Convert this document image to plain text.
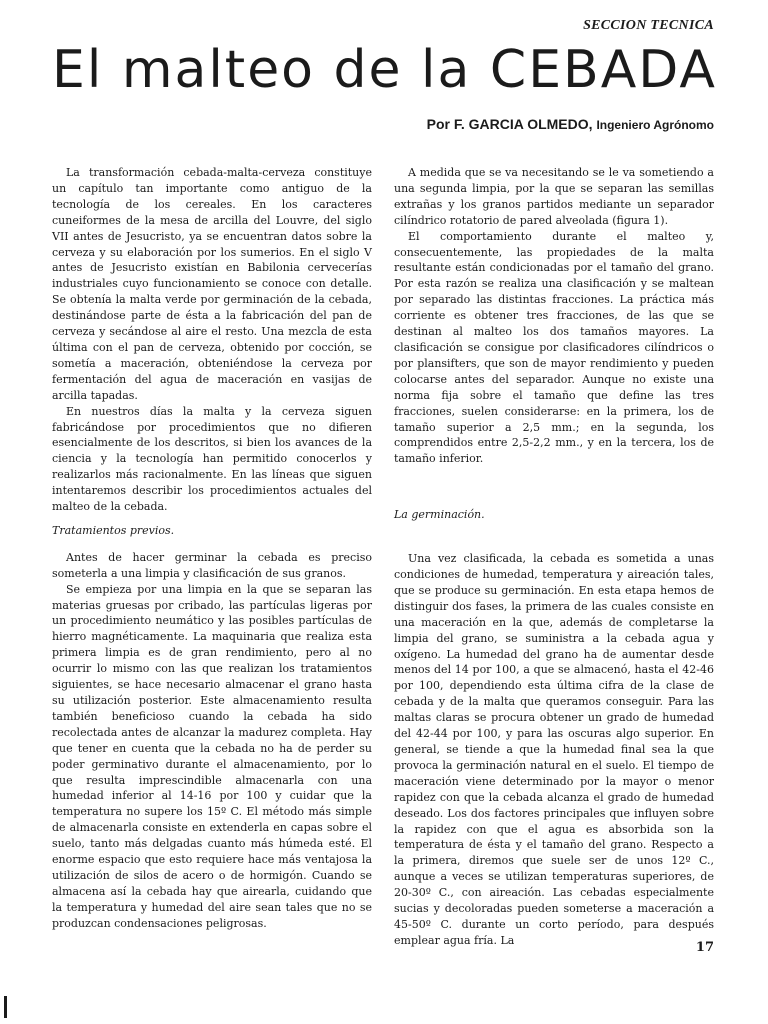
SECCION TECNICA
El malteo de la CEBADA
Por F. GARCIA OLMEDO, Ingeniero Agrónomo

La transformación cebada-malta-cerveza constituye un capítulo tan importante como antiguo de la tecnología de los cereales. En los caracteres cuneiformes de la mesa de arcilla del Louvre, del siglo VII antes de Jesucristo, ya se encuentran datos sobre la cerveza y su elaboración por los sumerios. En el siglo V antes de Jesucristo existían en Babilonia cervecerías industriales cuyo funcionamiento se conoce con detalle. Se obtenía la malta verde por germinación de la cebada, destinándose parte de ésta a la fabricación del pan de cerveza y secándose al aire el resto. Una mezcla de esta última con el pan de cerveza, obtenido por cocción, se sometía a maceración, obteniéndose la cerveza por fermentación del agua de maceración en vasijas de arcilla tapadas.

En nuestros días la malta y la cerveza siguen fabricándose por procedimientos que no difieren esencialmente de los descritos, si bien los avances de la ciencia y la tecnología han permitido conocerlos y realizarlos más racionalmente. En las líneas que siguen intentaremos describir los procedimientos actuales del malteo de la cebada.

Tratamientos previos.

Antes de hacer germinar la cebada es preciso someterla a una limpia y clasificación de sus granos.

Se empieza por una limpia en la que se separan las materias gruesas por cribado, las partículas ligeras por un procedimiento neumático y las posibles partículas de hierro magnéticamente. La maquinaria que realiza esta primera limpia es de gran rendimiento, pero al no ocurrir lo mismo con las que realizan los tratamientos siguientes, se hace necesario almacenar el grano hasta su utilización posterior. Este almacenamiento resulta también beneficioso cuando la cebada ha sido recolectada antes de alcanzar la madurez completa. Hay que tener en cuenta que la cebada no ha de perder su poder germinativo durante el almacenamiento, por lo que resulta imprescindible almacenarla con una humedad inferior al 14-16 por 100 y cuidar que la temperatura no supere los 15º C. El método más simple de almacenarla consiste en extenderla en capas sobre el suelo, tanto más delgadas cuanto más húmeda esté. El enorme espacio que esto requiere hace más ventajosa la utilización de silos de acero o de hormigón. Cuando se almacena así la cebada hay que airearla, cuidando que la temperatura y humedad del aire sean tales que no se produzcan condensaciones peligrosas.

A medida que se va necesitando se le va sometiendo a una segunda limpia, por la que se separan las semillas extrañas y los granos partidos mediante un separador cilíndrico rotatorio de pared alveolada (figura 1).

El comportamiento durante el malteo y, consecuentemente, las propiedades de la malta resultante están condicionadas por el tamaño del grano. Por esta razón se realiza una clasificación y se maltean por separado las distintas fracciones. La práctica más corriente es obtener tres fracciones, de las que se destinan al malteo los dos tamaños mayores. La clasificación se consigue por clasificadores cilíndricos o por plansifters, que son de mayor rendimiento y pueden colocarse antes del separador. Aunque no existe una norma fija sobre el tamaño que define las tres fracciones, suelen considerarse: en la primera, los de tamaño superior a 2,5 mm.; en la segunda, los comprendidos entre 2,5-2,2 mm., y en la tercera, los de tamaño inferior.

La germinación.

Una vez clasificada, la cebada es sometida a unas condiciones de humedad, temperatura y aireación tales, que se produce su germinación. En esta etapa hemos de distinguir dos fases, la primera de las cuales consiste en una maceración en la que, además de completarse la limpia del grano, se suministra a la cebada agua y oxígeno. La humedad del grano ha de aumentar desde menos del 14 por 100, a que se almacenó, hasta el 42-46 por 100, dependiendo esta última cifra de la clase de cebada y de la malta que queramos conseguir. Para las maltas claras se procura obtener un grado de humedad del 42-44 por 100, y para las oscuras algo superior. En general, se tiende a que la humedad final sea la que provoca la germinación natural en el suelo. El tiempo de maceración viene determinado por la mayor o menor rapidez con que la cebada alcanza el grado de humedad deseado. Los dos factores principales que influyen sobre la rapidez con que el agua es absorbida son la temperatura de ésta y el tamaño del grano. Respecto a la primera, diremos que suele ser de unos 12º C., aunque a veces se utilizan temperaturas superiores, de 20-30º C., con aireación. Las cebadas especialmente sucias y decoloradas pueden someterse a maceración a 45-50º C. durante un corto período, para después emplear agua fría. La	17
